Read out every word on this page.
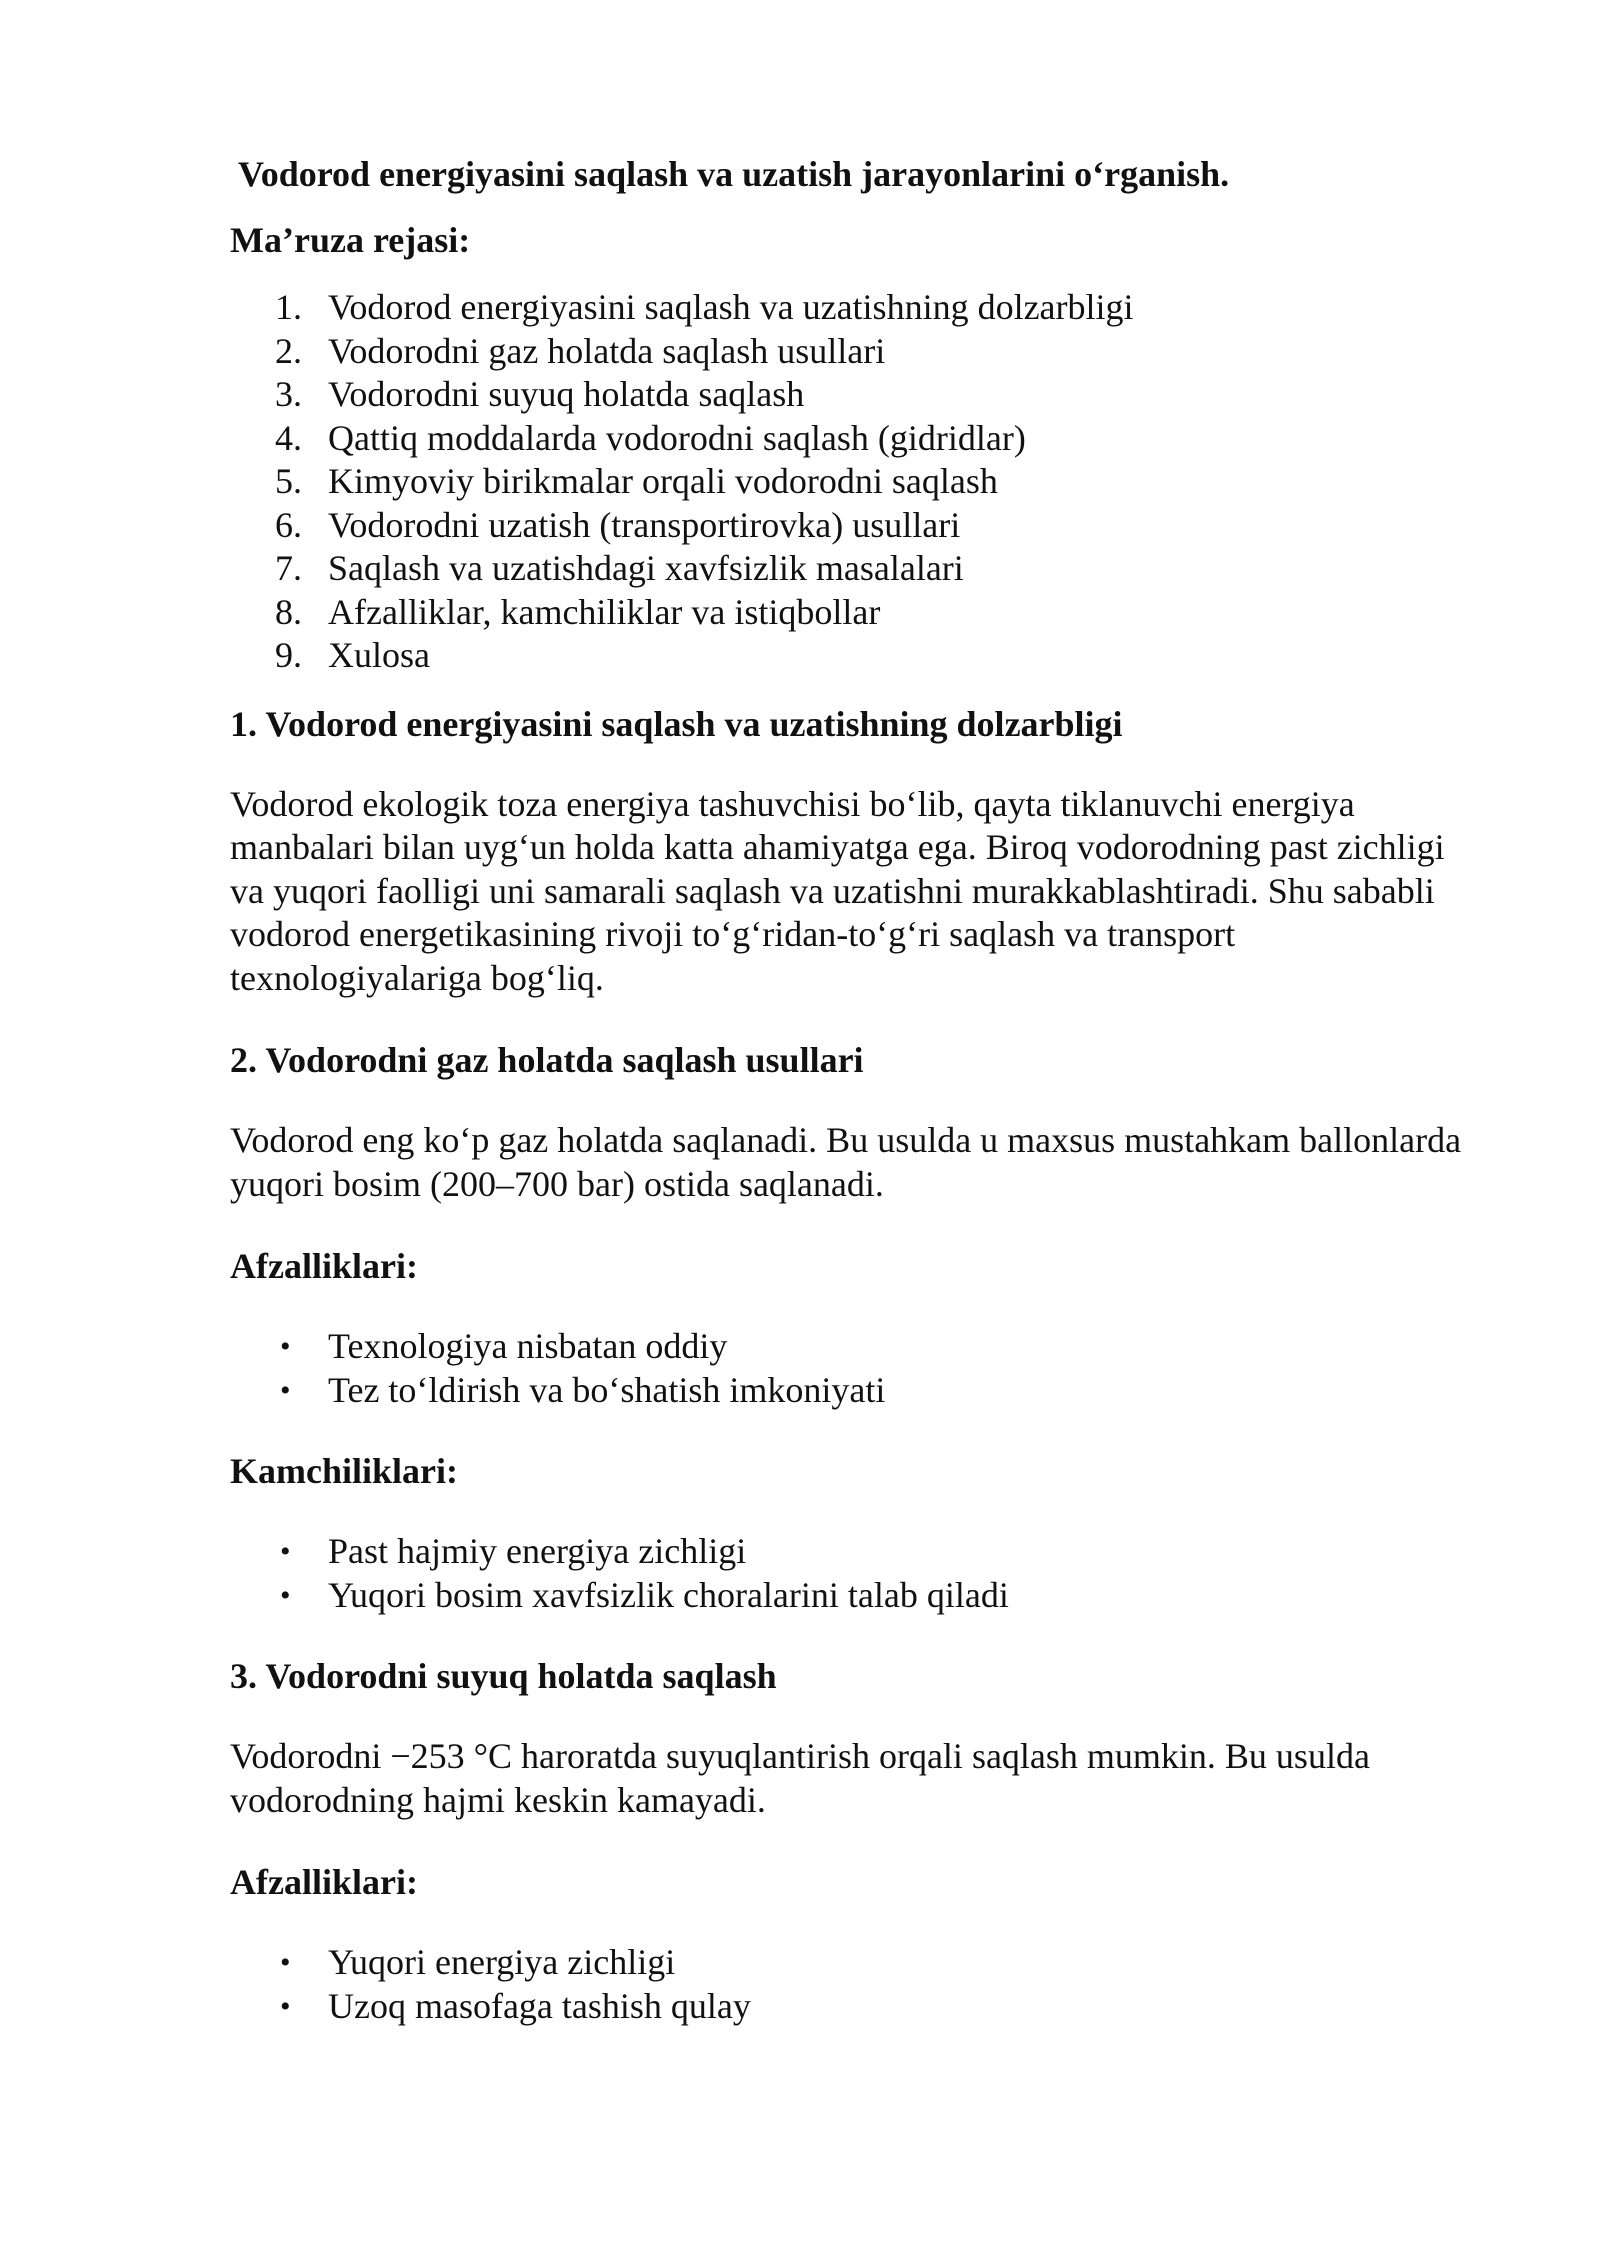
Vodorod energiyasini saqlash va uzatish jarayonlarini o‘rganish.
Ma’ruza rejasi:
1. Vodorod energiyasini saqlash va uzatishning dolzarbligi
2. Vodorodni gaz holatda saqlash usullari
3. Vodorodni suyuq holatda saqlash
4. Qattiq moddalarda vodorodni saqlash (gidridlar)
5. Kimyoviy birikmalar orqali vodorodni saqlash
6. Vodorodni uzatish (transportirovka) usullari
7. Saqlash va uzatishdagi xavfsizlik masalalari
8. Afzalliklar, kamchiliklar va istiqbollar
9. Xulosa
1. Vodorod energiyasini saqlash va uzatishning dolzarbligi
Vodorod ekologik toza energiya tashuvchisi bo‘lib, qayta tiklanuvchi energiya manbalari bilan uyg‘un holda katta ahamiyatga ega. Biroq vodorodning past zichligi va yuqori faolligi uni samarali saqlash va uzatishni murakkablashtiradi. Shu sababli vodorod energetikasining rivoji to‘g‘ridan-to‘g‘ri saqlash va transport texnologiyalariga bog‘liq.
2. Vodorodni gaz holatda saqlash usullari
Vodorod eng ko‘p gaz holatda saqlanadi. Bu usulda u maxsus mustahkam ballonlarda yuqori bosim (200–700 bar) ostida saqlanadi.
Afzalliklari:
• Texnologiya nisbatan oddiy
• Tez to‘ldirish va bo‘shatish imkoniyati
Kamchiliklari:
• Past hajmiy energiya zichligi
• Yuqori bosim xavfsizlik choralarini talab qiladi
3. Vodorodni suyuq holatda saqlash
Vodorodni −253 °C haroratda suyuqlantirish orqali saqlash mumkin. Bu usulda vodorodning hajmi keskin kamayadi.
Afzalliklari:
• Yuqori energiya zichligi
• Uzoq masofaga tashish qulay
